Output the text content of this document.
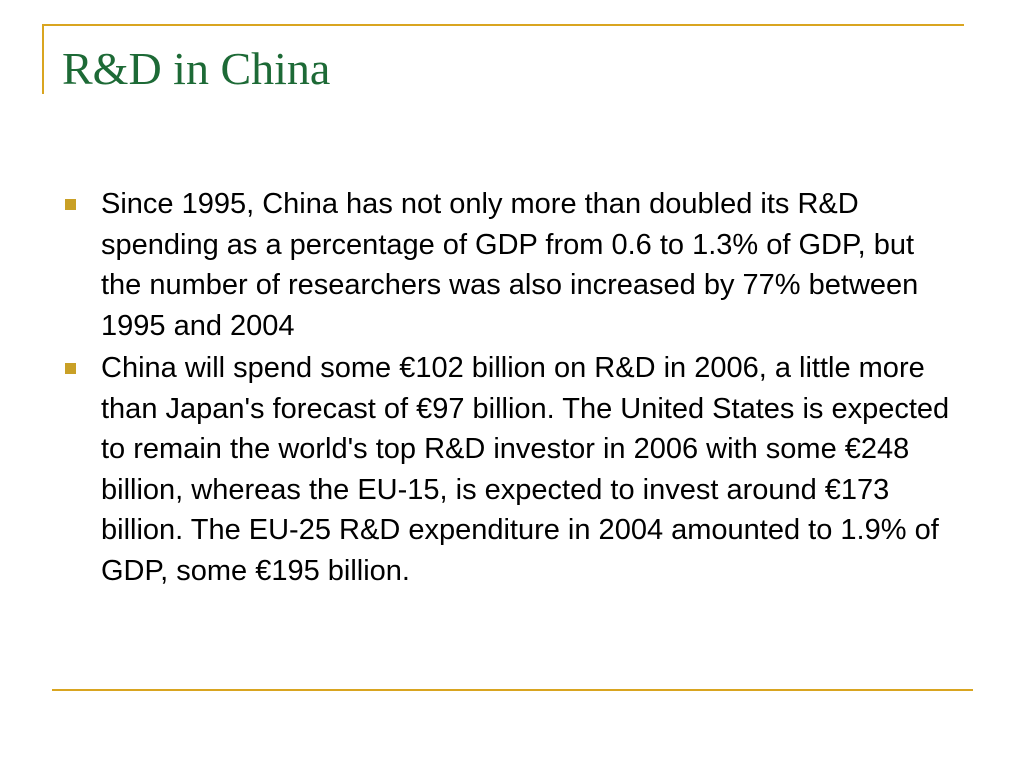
R&D in China
Since 1995, China has not only more than doubled its R&D spending as a percentage of GDP from 0.6 to 1.3% of GDP, but the number of researchers was also increased by 77% between 1995 and 2004
China will spend some €102 billion on R&D in 2006, a little more than Japan's forecast of €97 billion. The United States is expected to remain the world's top R&D investor in 2006 with some €248 billion, whereas the EU-15, is expected to invest around €173 billion. The EU-25 R&D expenditure in 2004 amounted to 1.9% of GDP, some €195 billion.
